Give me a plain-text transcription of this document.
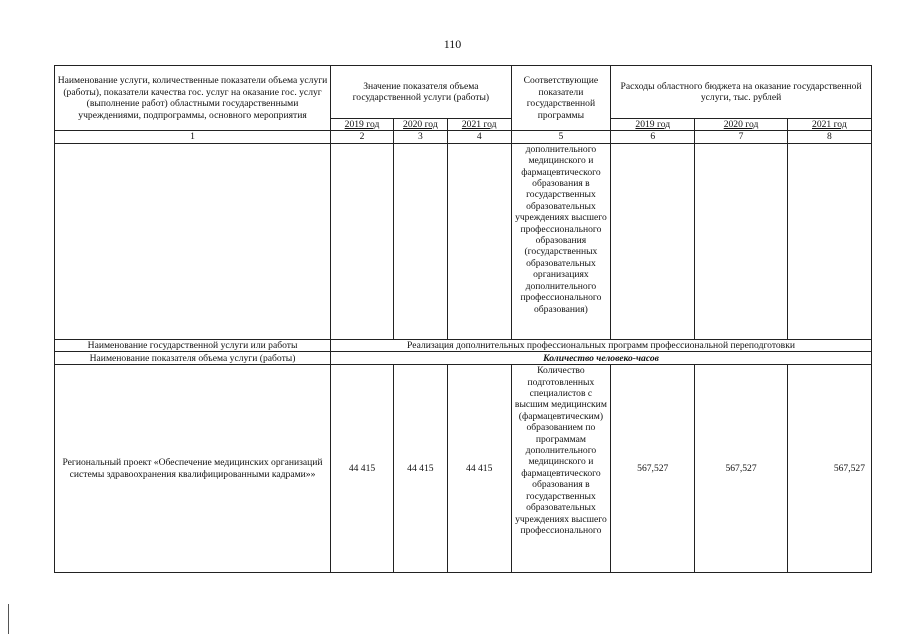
110
Наименование услуги, количественные показатели объема услуги (работы), показатели качества гос. услуг на оказание гос. услуг (выполнение работ) областными государственными учреждениями, подпрограммы, основного мероприятия	Значение показателя объема государственной услуги (работы)			Соответствующие показатели государственной программы	Расходы областного бюджета на оказание государственной услуги, тыс. рублей		
	2019 год	2020 год	2021 год		2019 год	2020 год	2021 год
1	2	3	4	5	6	7	8
				дополнительного медицинского и фармацевтического образования в государственных образовательных учреждениях высшего профессионального образования (государственных образовательных организациях дополнительного профессионального образования)			
Наименование государственной услуги или работы	Реализация дополнительных профессиональных программ профессиональной переподготовки						
Наименование показателя объема услуги (работы)	Количество человеко-часов						
Региональный проект «Обеспечение медицинских организаций системы здравоохранения квалифицированными кадрами»»	44 415	44 415	44 415	Количество подготовленных специалистов с высшим медицинским (фармацевтическим) образованием по программам дополнительного медицинского и фармацевтического образования в государственных образовательных учреждениях высшего профессионального	567,527	567,527	567,527
